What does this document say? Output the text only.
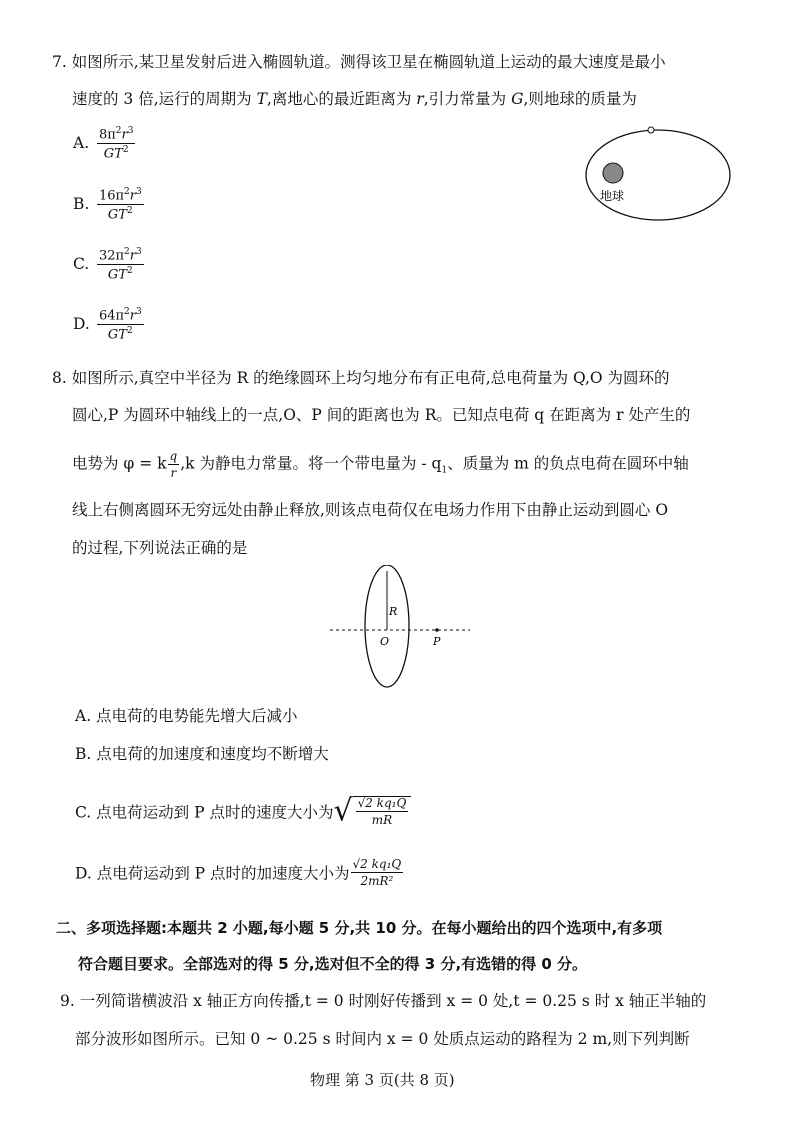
7. 如图所示,某卫星发射后进入椭圆轨道。测得该卫星在椭圆轨道上运动的最大速度是最小
速度的 3 倍,运行的周期为 T,离地心的最近距离为 r,引力常量为 G,则地球的质量为
A. $\frac{8\pi^2r^3}{GT^2}$
B. $\frac{16\pi^2r^3}{GT^2}$
C. $\frac{32\pi^2r^3}{GT^2}$
D. $\frac{64\pi^2r^3}{GT^2}$
地球
8. 如图所示,真空中半径为 R 的绝缘圆环上均匀地分布有正电荷,总电荷量为 Q,O 为圆环的
圆心,P 为圆环中轴线上的一点,O、P 间的距离也为 R。已知点电荷 q 在距离为 r 处产生的
电势为 φ = k $\frac{q}{r} ,k$ 为静电力常量。将一个带电量为 - $q_1$、质量为 m 的负点电荷在圆环中轴
线上右侧离圆环无穷远处由静止释放,则该点电荷仅在电场力作用下由静止运动到圆心 O
的过程,下列说法正确的是
R
O	P
A. 点电荷的电势能先增大后减小
B. 点电荷的加速度和速度均不断增大
C. 点电荷运动到 P 点时的速度大小为√ $\frac{\text{√2 kq₁Q}}{mR}$
D. 点电荷运动到 P 点时的加速度大小为 $\frac{\text{√2 kq₁Q}}{\text{2mR²}}$
二、多项选择题:本题共 2 小题,每小题 5 分,共 10 分。在每小题给出的四个选项中,有多项
符合题目要求。全部选对的得 5 分,选对但不全的得 3 分,有选错的得 0 分。
9. 一列简谐横波沿 x 轴正方向传播,t = 0 时刚好传播到 x = 0 处,t = 0.25 s 时 x 轴正半轴的
部分波形如图所示。已知 0 ~ 0.25 s 时间内 x = 0 处质点运动的路程为 2 m,则下列判断
物理 第 3 页(共 8 页)
